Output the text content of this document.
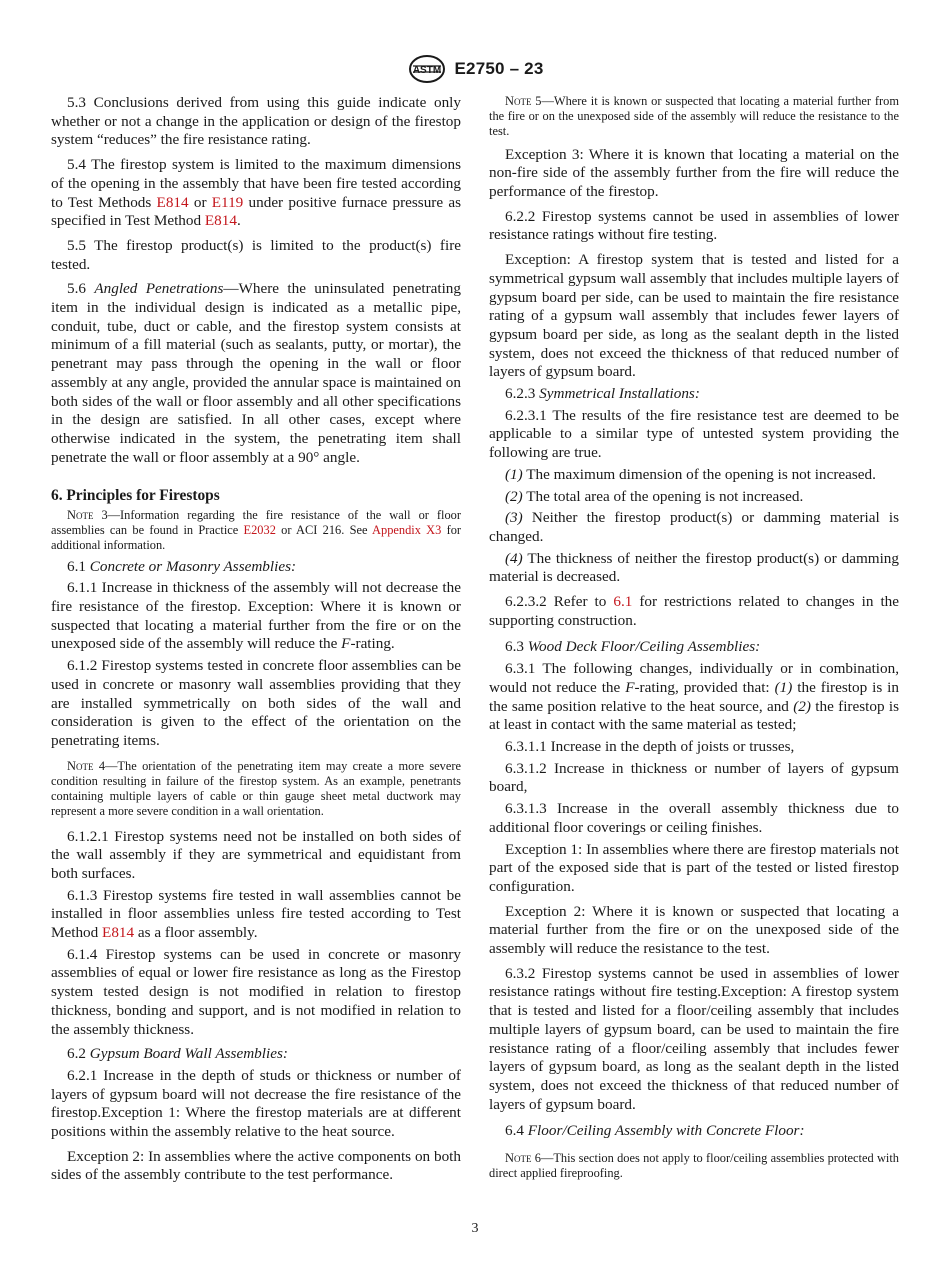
ASTM E2750 – 23

5.3 Conclusions derived from using this guide indicate only whether or not a change in the application or design of the firestop system “reduces” the fire resistance rating.

5.4 The firestop system is limited to the maximum dimensions of the opening in the assembly that have been fire tested according to Test Methods E814 or E119 under positive furnace pressure as specified in Test Method E814.

5.5 The firestop product(s) is limited to the product(s) fire tested.

5.6 Angled Penetrations—Where the uninsulated penetrating item in the individual design is indicated as a metallic pipe, conduit, tube, duct or cable, and the firestop system consists at minimum of a fill material (such as sealants, putty, or mortar), the penetrant may pass through the opening in the wall or floor assembly at any angle, provided the annular space is maintained on both sides of the wall or floor assembly and all other specifications in the design are satisfied. In all other cases, except where otherwise indicated in the system, the penetrating item shall penetrate the wall or floor assembly at a 90° angle.

6. Principles for Firestops

Note 3—Information regarding the fire resistance of the wall or floor assemblies can be found in Practice E2032 or ACI 216. See Appendix X3 for additional information.

6.1 Concrete or Masonry Assemblies:

6.1.1 Increase in thickness of the assembly will not decrease the fire resistance of the firestop. Exception: Where it is known or suspected that locating a material further from the fire or on the unexposed side of the assembly will reduce the F-rating.

6.1.2 Firestop systems tested in concrete floor assemblies can be used in concrete or masonry wall assemblies providing that they are installed symmetrically on both sides of the wall and consideration is given to the effect of the orientation on the penetrating items.

Note 4—The orientation of the penetrating item may create a more severe condition resulting in failure of the firestop system. As an example, penetrants containing multiple layers of cable or thin gauge sheet metal ductwork may represent a more severe condition in a wall orientation.

6.1.2.1 Firestop systems need not be installed on both sides of the wall assembly if they are symmetrical and equidistant from both surfaces.

6.1.3 Firestop systems fire tested in wall assemblies cannot be installed in floor assemblies unless fire tested according to Test Method E814 as a floor assembly.

6.1.4 Firestop systems can be used in concrete or masonry assemblies of equal or lower fire resistance as long as the Firestop system tested design is not modified in relation to firestop thickness, bonding and support, and is not modified in relation to the assembly thickness.

6.2 Gypsum Board Wall Assemblies:

6.2.1 Increase in the depth of studs or thickness or number of layers of gypsum board will not decrease the fire resistance of the firestop.Exception 1: Where the firestop materials are at different positions within the assembly relative to the heat source.

Exception 2: In assemblies where the active components on both sides of the assembly contribute to the test performance.

Note 5—Where it is known or suspected that locating a material further from the fire or on the unexposed side of the assembly will reduce the resistance to the test.

Exception 3: Where it is known that locating a material on the non-fire side of the assembly further from the fire will reduce the performance of the firestop.

6.2.2 Firestop systems cannot be used in assemblies of lower resistance ratings without fire testing.

Exception: A firestop system that is tested and listed for a symmetrical gypsum wall assembly that includes multiple layers of gypsum board per side, can be used to maintain the fire resistance rating of a gypsum wall assembly that includes fewer layers of gypsum board per side, as long as the sealant depth in the listed system, does not exceed the thickness of that reduced number of layers of gypsum board.

6.2.3 Symmetrical Installations:

6.2.3.1 The results of the fire resistance test are deemed to be applicable to a similar type of untested system providing the following are true.

(1) The maximum dimension of the opening is not increased.

(2) The total area of the opening is not increased.

(3) Neither the firestop product(s) or damming material is changed.

(4) The thickness of neither the firestop product(s) or damming material is decreased.

6.2.3.2 Refer to 6.1 for restrictions related to changes in the supporting construction.

6.3 Wood Deck Floor/Ceiling Assemblies:

6.3.1 The following changes, individually or in combination, would not reduce the F-rating, provided that: (1) the firestop is in the same position relative to the heat source, and (2) the firestop is at least in contact with the same material as tested;

6.3.1.1 Increase in the depth of joists or trusses,

6.3.1.2 Increase in thickness or number of layers of gypsum board,

6.3.1.3 Increase in the overall assembly thickness due to additional floor coverings or ceiling finishes.

Exception 1: In assemblies where there are firestop materials not part of the exposed side that is part of the tested or listed firestop configuration.

Exception 2: Where it is known or suspected that locating a material further from the fire or on the unexposed side of the assembly will reduce the resistance to the test.

6.3.2 Firestop systems cannot be used in assemblies of lower resistance ratings without fire testing.Exception: A firestop system that is tested and listed for a floor/ceiling assembly that includes multiple layers of gypsum board, can be used to maintain the fire resistance rating of a floor/ceiling assembly that includes fewer layers of gypsum board, as long as the sealant depth in the listed system, does not exceed the thickness of that reduced number of layers of gypsum board.

6.4 Floor/Ceiling Assembly with Concrete Floor:

Note 6—This section does not apply to floor/ceiling assemblies protected with direct applied fireproofing.

3
